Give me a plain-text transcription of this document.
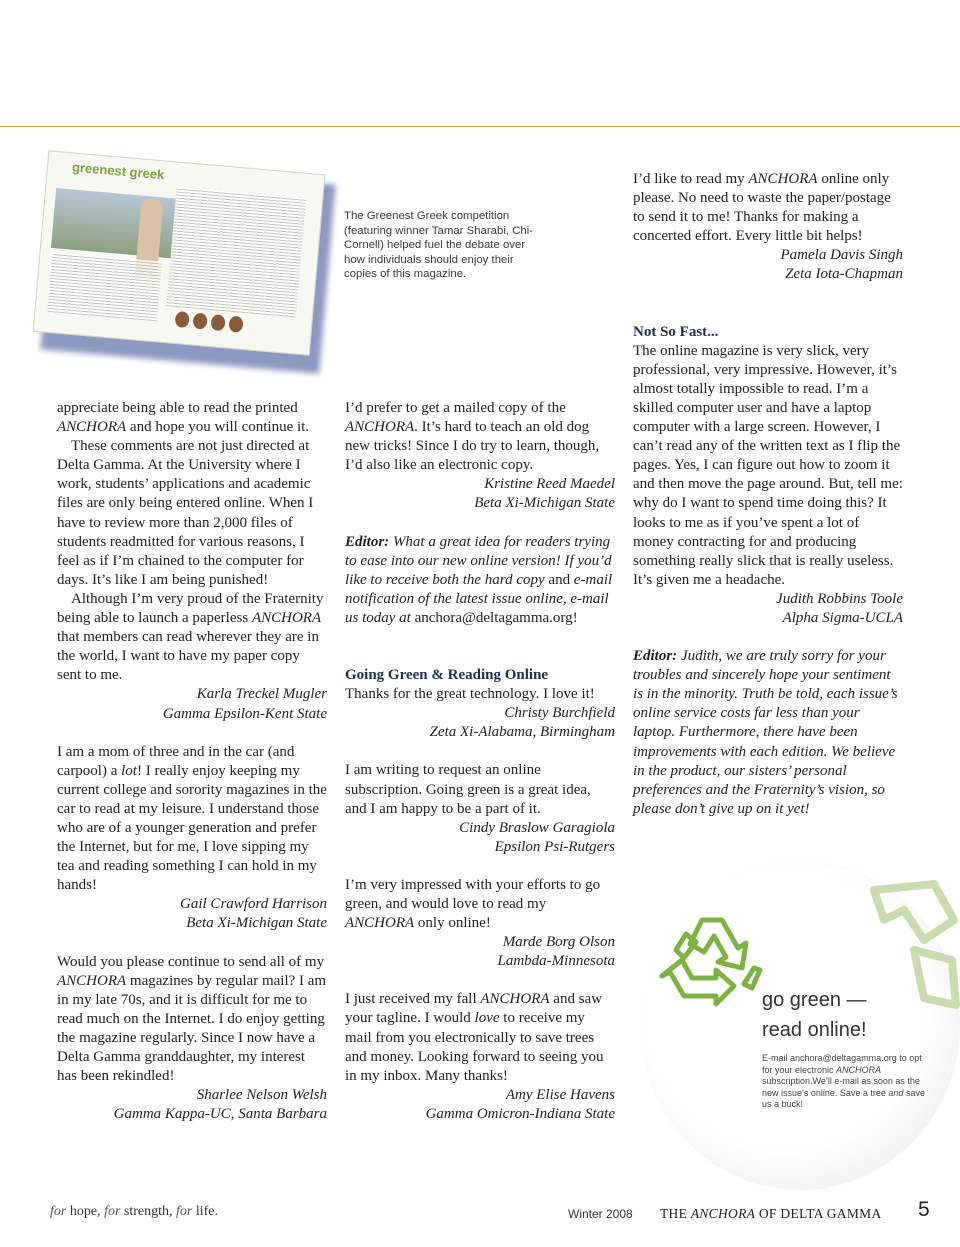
greenest greek
The Greenest Greek competition (featuring winner Tamar Sharabi, Chi-Cornell) helped fuel the debate over how individuals should enjoy their copies of this magazine.

appreciate being able to read the printed ANCHORA and hope you will continue it.

These comments are not just directed at Delta Gamma. At the University where I work, students’ applications and academic files are only being entered online. When I have to review more than 2,000 files of students readmitted for various reasons, I feel as if I’m chained to the computer for days. It’s like I am being punished!

Although I’m very proud of the Fraternity being able to launch a paperless ANCHORA that members can read wherever they are in the world, I want to have my paper copy sent to me.

Karla Treckel Mugler

Gamma Epsilon-Kent State

I am a mom of three and in the car (and carpool) a lot! I really enjoy keeping my current college and sorority magazines in the car to read at my leisure. I understand those who are of a younger generation and prefer the Internet, but for me, I love sipping my tea and reading something I can hold in my hands!

Gail Crawford Harrison

Beta Xi-Michigan State

Would you please continue to send all of my ANCHORA magazines by regular mail? I am in my late 70s, and it is difficult for me to read much on the Internet. I do enjoy getting the magazine regularly. Since I now have a Delta Gamma granddaughter, my interest has been rekindled!

Sharlee Nelson Welsh

Gamma Kappa-UC, Santa Barbara

I’d prefer to get a mailed copy of the ANCHORA. It’s hard to teach an old dog new tricks! Since I do try to learn, though, I’d also like an electronic copy.

Kristine Reed Maedel

Beta Xi-Michigan State

Editor: What a great idea for readers trying to ease into our new online version! If you’d like to receive both the hard copy and e-mail notification of the latest issue online, e-mail us today at anchora@deltagamma.org!

Going Green & Reading Online

Thanks for the great technology. I love it!

Christy Burchfield

Zeta Xi-Alabama, Birmingham

I am writing to request an online subscription. Going green is a great idea, and I am happy to be a part of it.

Cindy Braslow Garagiola

Epsilon Psi-Rutgers

I’m very impressed with your efforts to go green, and would love to read my ANCHORA only online!

Marde Borg Olson

Lambda-Minnesota

I just received my fall ANCHORA and saw your tagline. I would love to receive my mail from you electronically to save trees and money. Looking forward to seeing you in my inbox. Many thanks!

Amy Elise Havens

Gamma Omicron-Indiana State

I’d like to read my ANCHORA online only please. No need to waste the paper/postage to send it to me! Thanks for making a concerted effort. Every little bit helps!

Pamela Davis Singh

Zeta Iota-Chapman

Not So Fast...

The online magazine is very slick, very professional, very impressive. However, it’s almost totally impossible to read. I’m a skilled computer user and have a laptop computer with a large screen. However, I can’t read any of the written text as I flip the pages. Yes, I can figure out how to zoom it and then move the page around. But, tell me: why do I want to spend time doing this? It looks to me as if you’ve spent a lot of money contracting for and producing something really slick that is really useless. It’s given me a headache.

Judith Robbins Toole

Alpha Sigma-UCLA

Editor: Judith, we are truly sorry for your troubles and sincerely hope your sentiment is in the minority. Truth be told, each issue’s online service costs far less than your laptop. Furthermore, there have been improvements with each edition. We believe in the product, our sisters’ personal preferences and the Fraternity’s vision, so please don’t give up on it yet!

go green —
read online!
E-mail anchora@deltagamma.org to opt for your electronic ANCHORA subscription.We’ll e-mail as soon as the new issue’s online. Save a tree and save us a buck!
for hope, for strength, for life.	Winter 2008 THE ANCHORA OF DELTA GAMMA 5
